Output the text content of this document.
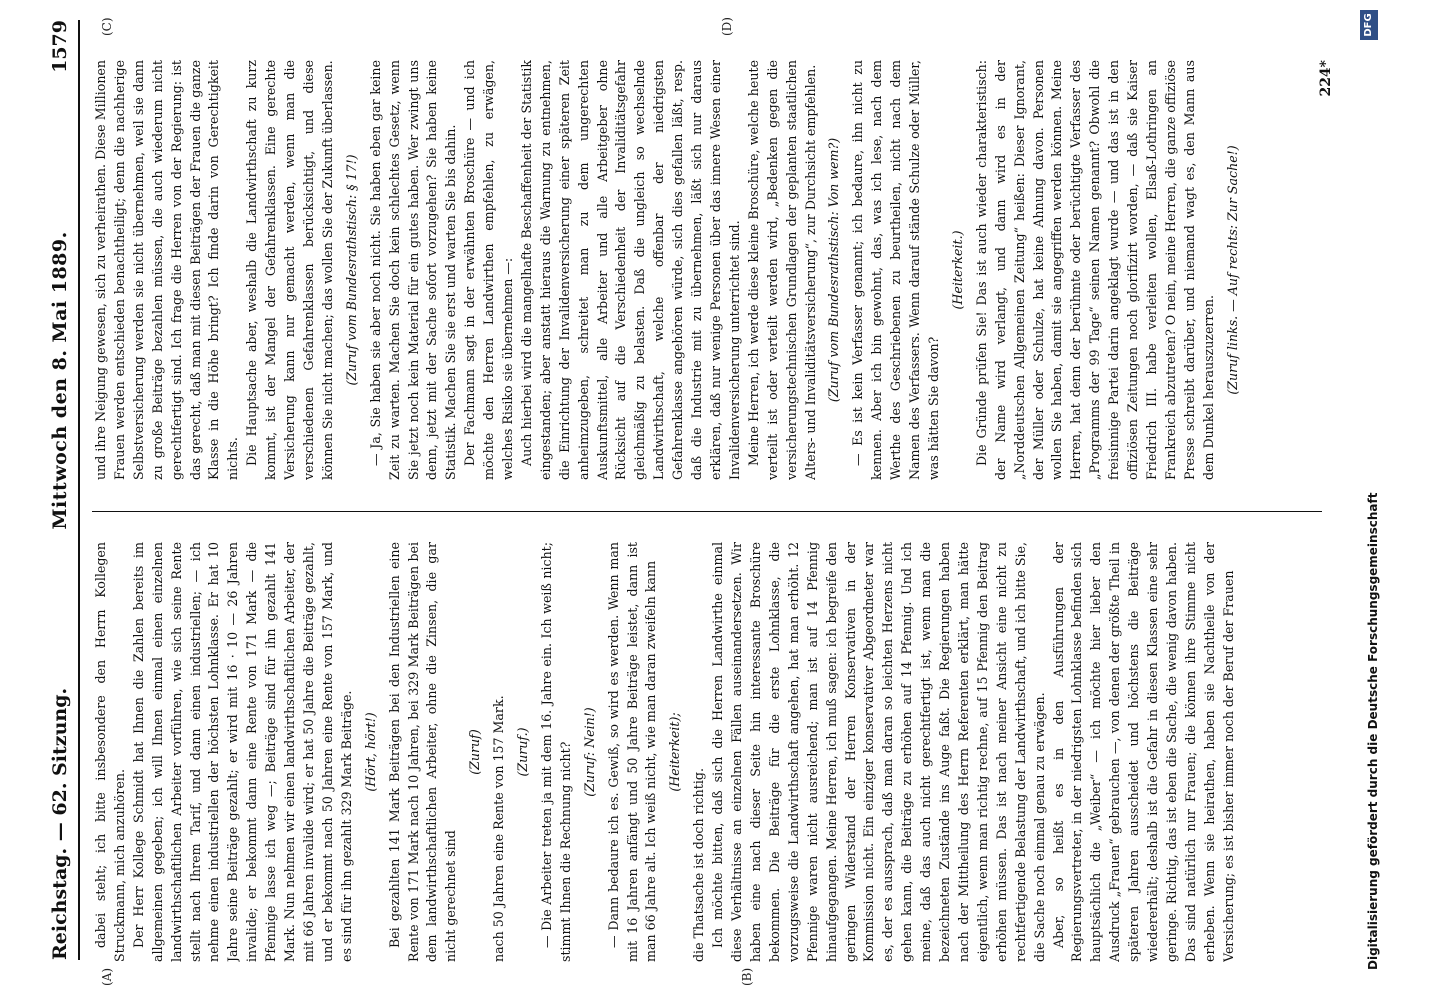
Reichstag. — 62. Sitzung.
Mittwoch den 8. Mai 1889.
1579
(A)	(B)
(C)	(D)

dabei steht; ich bitte insbesondere den Herrn Kollegen Struckmann, mich anzuhören. Der Herr Kollege Schmidt hat Ihnen die Zahlen bereits im allgemeinen gegeben; ich will Ihnen einmal einen einzelnen landwirthschaftlichen Arbeiter vorführen, wie sich seine Rente stellt nach Ihrem Tarif, und dann einen industriellen; — ich nehme einen industriellen der höchsten Lohnklasse. Er hat 10 Jahre seine Beiträge gezahlt; er wird mit 16 · 10 — 26 Jahren invalide; er bekommt dann eine Rente von 171 Mark — die Pfennige lasse ich weg —; Beiträge sind für ihn gezahlt 141 Mark. Nun nehmen wir einen landwirthschaftlichen Arbeiter, der mit 66 Jahren invalide wird; er hat 50 Jahre die Beiträge gezahlt, und er bekommt nach 50 Jahren eine Rente von 157 Mark, und es sind für ihn gezahlt 329 Mark Beiträge. (Hört, hört!) Bei gezahlten 141 Mark Beiträgen bei den Industriellen eine Rente von 171 Mark nach 10 Jahren, bei 329 Mark Beiträgen bei dem landwirthschaftlichen Arbeiter, ohne die Zinsen, die gar nicht gerechnet sind

(Zuruf) nach 50 Jahren eine Rente von 157 Mark. (Zuruf.) — Die Arbeiter treten ja mit dem 16. Jahre ein. Ich weiß nicht; stimmt Ihnen die Rechnung nicht? (Zuruf: Nein!) — Dann bedaure ich es. Gewiß, so wird es werden. Wenn man mit 16 Jahren anfängt und 50 Jahre Beiträge leistet, dann ist man 66 Jahre alt. Ich weiß nicht, wie man daran zweifeln kann (Heiterkeit);

die Thatsache ist doch richtig. Ich möchte bitten, daß sich die Herren Landwirthe einmal diese Verhältnisse an einzelnen Fällen auseinandersetzen. Wir haben eine nach dieser Seite hin interessante Broschüre bekommen. Die Beiträge für die erste Lohnklasse, die vorzugsweise die Landwirthschaft angehen, hat man erhöht. 12 Pfennige waren nicht ausreichend; man ist auf 14 Pfennig hinaufgegangen. Meine Herren, ich muß sagen: ich begreife den geringen Widerstand der Herren Konservativen in der Kommission nicht. Ein einziger konservativer Abgeordneter war es, der es aussprach, daß man daran so leichten Herzens nicht gehen kann, die Beiträge zu erhöhen auf 14 Pfennig. Und ich meine, daß das auch nicht gerechtfertigt ist, wenn man die bezeichneten Zustände ins Auge faßt. Die Regierungen haben nach der Mittheilung des Herrn Referenten erklärt, man hätte eigentlich, wenn man richtig rechne, auf 15 Pfennig den Beitrag erhöhen müssen. Das ist nach meiner Ansicht eine nicht zu rechtfertigende Belastung der Landwirthschaft, und ich bitte Sie, die Sache noch einmal genau zu erwägen. Aber, so heißt es in den Ausführungen der Regierungsvertreter, in der niedrigsten Lohnklasse befinden sich hauptsächlich die „Weiber“ — ich möchte hier lieber den Ausdruck „Frauen“ gebrauchen —, von denen der größte Theil in späteren Jahren ausscheidet und höchstens die Beiträge wiedererhält; deshalb ist die Gefahr in diesen Klassen eine sehr geringe. Richtig, das ist eben die Sache, die wenig davon haben. Das sind natürlich nur Frauen; die können ihre Stimme nicht erheben. Wenn sie heirathen, haben sie Nachtheile von der Versicherung; es ist bisher immer noch der Beruf der Frauen

und ihre Neigung gewesen, sich zu verheirathen. Diese Millionen Frauen werden entschieden benachtheiligt; denn die nachherige Selbstversicherung werden sie nicht übernehmen, weil sie dann zu große Beiträge bezahlen müssen, die auch wiederum nicht gerechtfertigt sind. Ich frage die Herren von der Regierung: ist das gerecht, daß man mit diesen Beiträgen der Frauen die ganze Klasse in die Höhe bringt? Ich finde darin von Gerechtigkeit nichts. Die Hauptsache aber, weshalb die Landwirthschaft zu kurz kommt, ist der Mangel der Gefahrenklassen. Eine gerechte Versicherung kann nur gemacht werden, wenn man die verschiedenen Gefahrenklassen berücksichtigt, und diese können Sie nicht machen; das wollen Sie der Zukunft überlassen. (Zuruf vom Bundesrathstisch: § 17!) — Ja, Sie haben sie aber noch nicht. Sie haben eben gar keine Zeit zu warten. Machen Sie doch kein schlechtes Gesetz, wenn Sie jetzt noch kein Material für ein gutes haben. Wer zwingt uns denn, jetzt mit der Sache sofort vorzugehen? Sie haben keine Statistik. Machen Sie sie erst und warten Sie bis dahin. Der Fachmann sagt in der erwähnten Broschüre — und ich möchte den Herren Landwirthen empfehlen, zu erwägen, welches Risiko sie übernehmen —: Auch hierbei wird die mangelhafte Beschaffenheit der Statistik eingestanden; aber anstatt hieraus die Warnung zu entnehmen, die Einrichtung der Invalidenversicherung einer späteren Zeit anheimzugeben, schreitet man zu dem ungerechten Auskunftsmittel, alle Arbeiter und alle Arbeitgeber ohne Rücksicht auf die Verschiedenheit der Invaliditätsgefahr gleichmäßig zu belasten. Daß die ungleich so wechselnde Landwirthschaft, welche offenbar der niedrigsten Gefahrenklasse angehören würde, sich dies gefallen läßt, resp. daß die Industrie mit zu übernehmen, läßt sich nur daraus erklären, daß nur wenige Personen über das innere Wesen einer Invalidenversicherung unterrichtet sind. Meine Herren, ich werde diese kleine Broschüre, welche heute verteilt ist oder verteilt werden wird, „Bedenken gegen die versicherungstechnischen Grundlagen der geplanten staatlichen Alters- und Invaliditätsversicherung“, zur Durchsicht empfehlen. (Zuruf vom Bundesrathstisch: Von wem?) — Es ist kein Verfasser genannt; ich bedaure, ihn nicht zu kennen. Aber ich bin gewohnt, das, was ich lese, nach dem Werthe des Geschriebenen zu beurtheilen, nicht nach dem Namen des Verfassers. Wenn darauf stände Schulze oder Müller, was hätten Sie davon?

(Heiterkeit.) Die Gründe prüfen Sie! Das ist auch wieder charakteristisch: der Name wird verlangt, und dann wird es in der „Norddeutschen Allgemeinen Zeitung“ heißen: Dieser Ignorant, der Müller oder Schulze, hat keine Ahnung davon. Personen wollen Sie haben, damit sie angegriffen werden können. Meine Herren, hat denn der berühmte oder berüchtigte Verfasser des „Programms der 99 Tage“ seinen Namen genannt? Obwohl die freisinnige Partei darin angeklagt wurde — und das ist in den offiziösen Zeitungen noch glorifizirt worden, — daß sie Kaiser Friedrich III. habe verleiten wollen, Elsaß-Lothringen an Frankreich abzutreten? O nein, meine Herren, die ganze offiziöse Presse schreibt darüber, und niemand wagt es, den Mann aus dem Dunkel herauszuzerren. (Zuruf links. — Auf rechts: Zur Sache!)

224*
Digitalisierung gefördert durch die Deutsche Forschungsgemeinschaft
DFG
